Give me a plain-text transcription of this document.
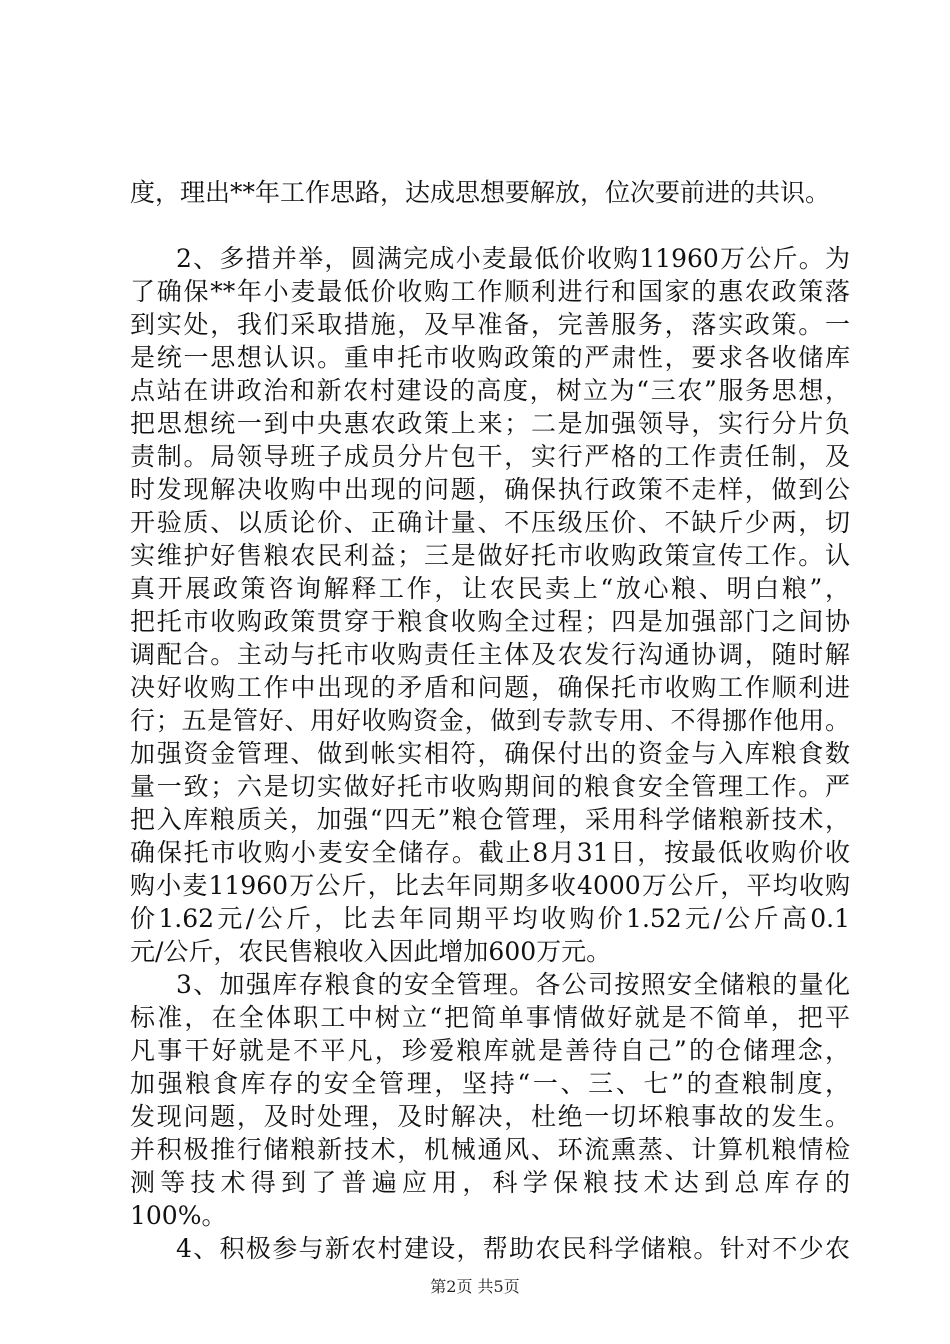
度，理出**年工作思路，达成思想要解放，位次要前进的共识。
2、多措并举，圆满完成小麦最低价收购11960万公斤。为
了确保**年小麦最低价收购工作顺利进行和国家的惠农政策落
到实处，我们采取措施，及早准备，完善服务，落实政策。一
是统一思想认识。重申托市收购政策的严肃性，要求各收储库
点站在讲政治和新农村建设的高度，树立为“三农”服务思想，
把思想统一到中央惠农政策上来；二是加强领导，实行分片负
责制。局领导班子成员分片包干，实行严格的工作责任制，及
时发现解决收购中出现的问题，确保执行政策不走样，做到公
开验质、以质论价、正确计量、不压级压价、不缺斤少两，切
实维护好售粮农民利益；三是做好托市收购政策宣传工作。认
真开展政策咨询解释工作，让农民卖上“放心粮、明白粮”，
把托市收购政策贯穿于粮食收购全过程；四是加强部门之间协
调配合。主动与托市收购责任主体及农发行沟通协调，随时解
决好收购工作中出现的矛盾和问题，确保托市收购工作顺利进
行；五是管好、用好收购资金，做到专款专用、不得挪作他用。
加强资金管理、做到帐实相符，确保付出的资金与入库粮食数
量一致；六是切实做好托市收购期间的粮食安全管理工作。严
把入库粮质关，加强“四无”粮仓管理，采用科学储粮新技术，
确保托市收购小麦安全储存。截止8月31日，按最低收购价收
购小麦11960万公斤，比去年同期多收4000万公斤，平均收购
价1.62元/公斤，比去年同期平均收购价1.52元/公斤高0.1
元/公斤，农民售粮收入因此增加600万元。
3、加强库存粮食的安全管理。各公司按照安全储粮的量化
标准，在全体职工中树立“把简单事情做好就是不简单，把平
凡事干好就是不平凡，珍爱粮库就是善待自己”的仓储理念，
加强粮食库存的安全管理，坚持“一、三、七”的查粮制度，
发现问题，及时处理，及时解决，杜绝一切坏粮事故的发生。
并积极推行储粮新技术，机械通风、环流熏蒸、计算机粮情检
测等技术得到了普遍应用，科学保粮技术达到总库存的
100%。
4、积极参与新农村建设，帮助农民科学储粮。针对不少农
第2页 共5页
